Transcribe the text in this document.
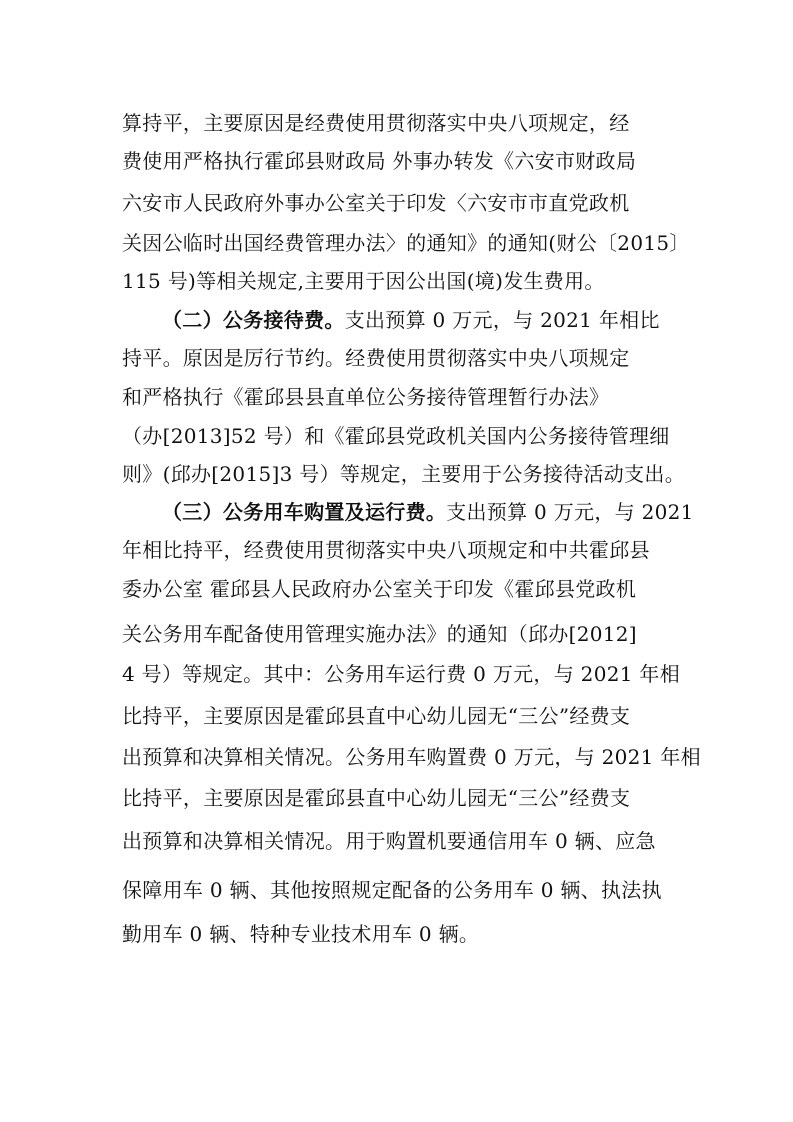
算持平，主要原因是经费使用贯彻落实中央八项规定，经
费使用严格执行霍邱县财政局 外事办转发《六安市财政局
六安市人民政府外事办公室关于印发〈六安市市直党政机
关因公临时出国经费管理办法〉的通知》的通知(财公〔2015〕
115 号)等相关规定,主要用于因公出国(境)发生费用。
（二）公务接待费。支出预算 0 万元，与 2021 年相比
持平。原因是厉行节约。经费使用贯彻落实中央八项规定
和严格执行《霍邱县县直单位公务接待管理暂行办法》
（办[2013]52 号）和《霍邱县党政机关国内公务接待管理细
则》(邱办[2015]3 号）等规定，主要用于公务接待活动支出。
（三）公务用车购置及运行费。支出预算 0 万元，与 2021
年相比持平，经费使用贯彻落实中央八项规定和中共霍邱县
委办公室 霍邱县人民政府办公室关于印发《霍邱县党政机
关公务用车配备使用管理实施办法》的通知（邱办[2012]
4 号）等规定。其中：公务用车运行费 0 万元，与 2021 年相
比持平，主要原因是霍邱县直中心幼儿园无“三公”经费支
出预算和决算相关情况。公务用车购置费 0 万元，与 2021 年相
比持平，主要原因是霍邱县直中心幼儿园无“三公”经费支
出预算和决算相关情况。用于购置机要通信用车 0 辆、应急
保障用车 0 辆、其他按照规定配备的公务用车 0 辆、执法执
勤用车 0 辆、特种专业技术用车 0 辆。
